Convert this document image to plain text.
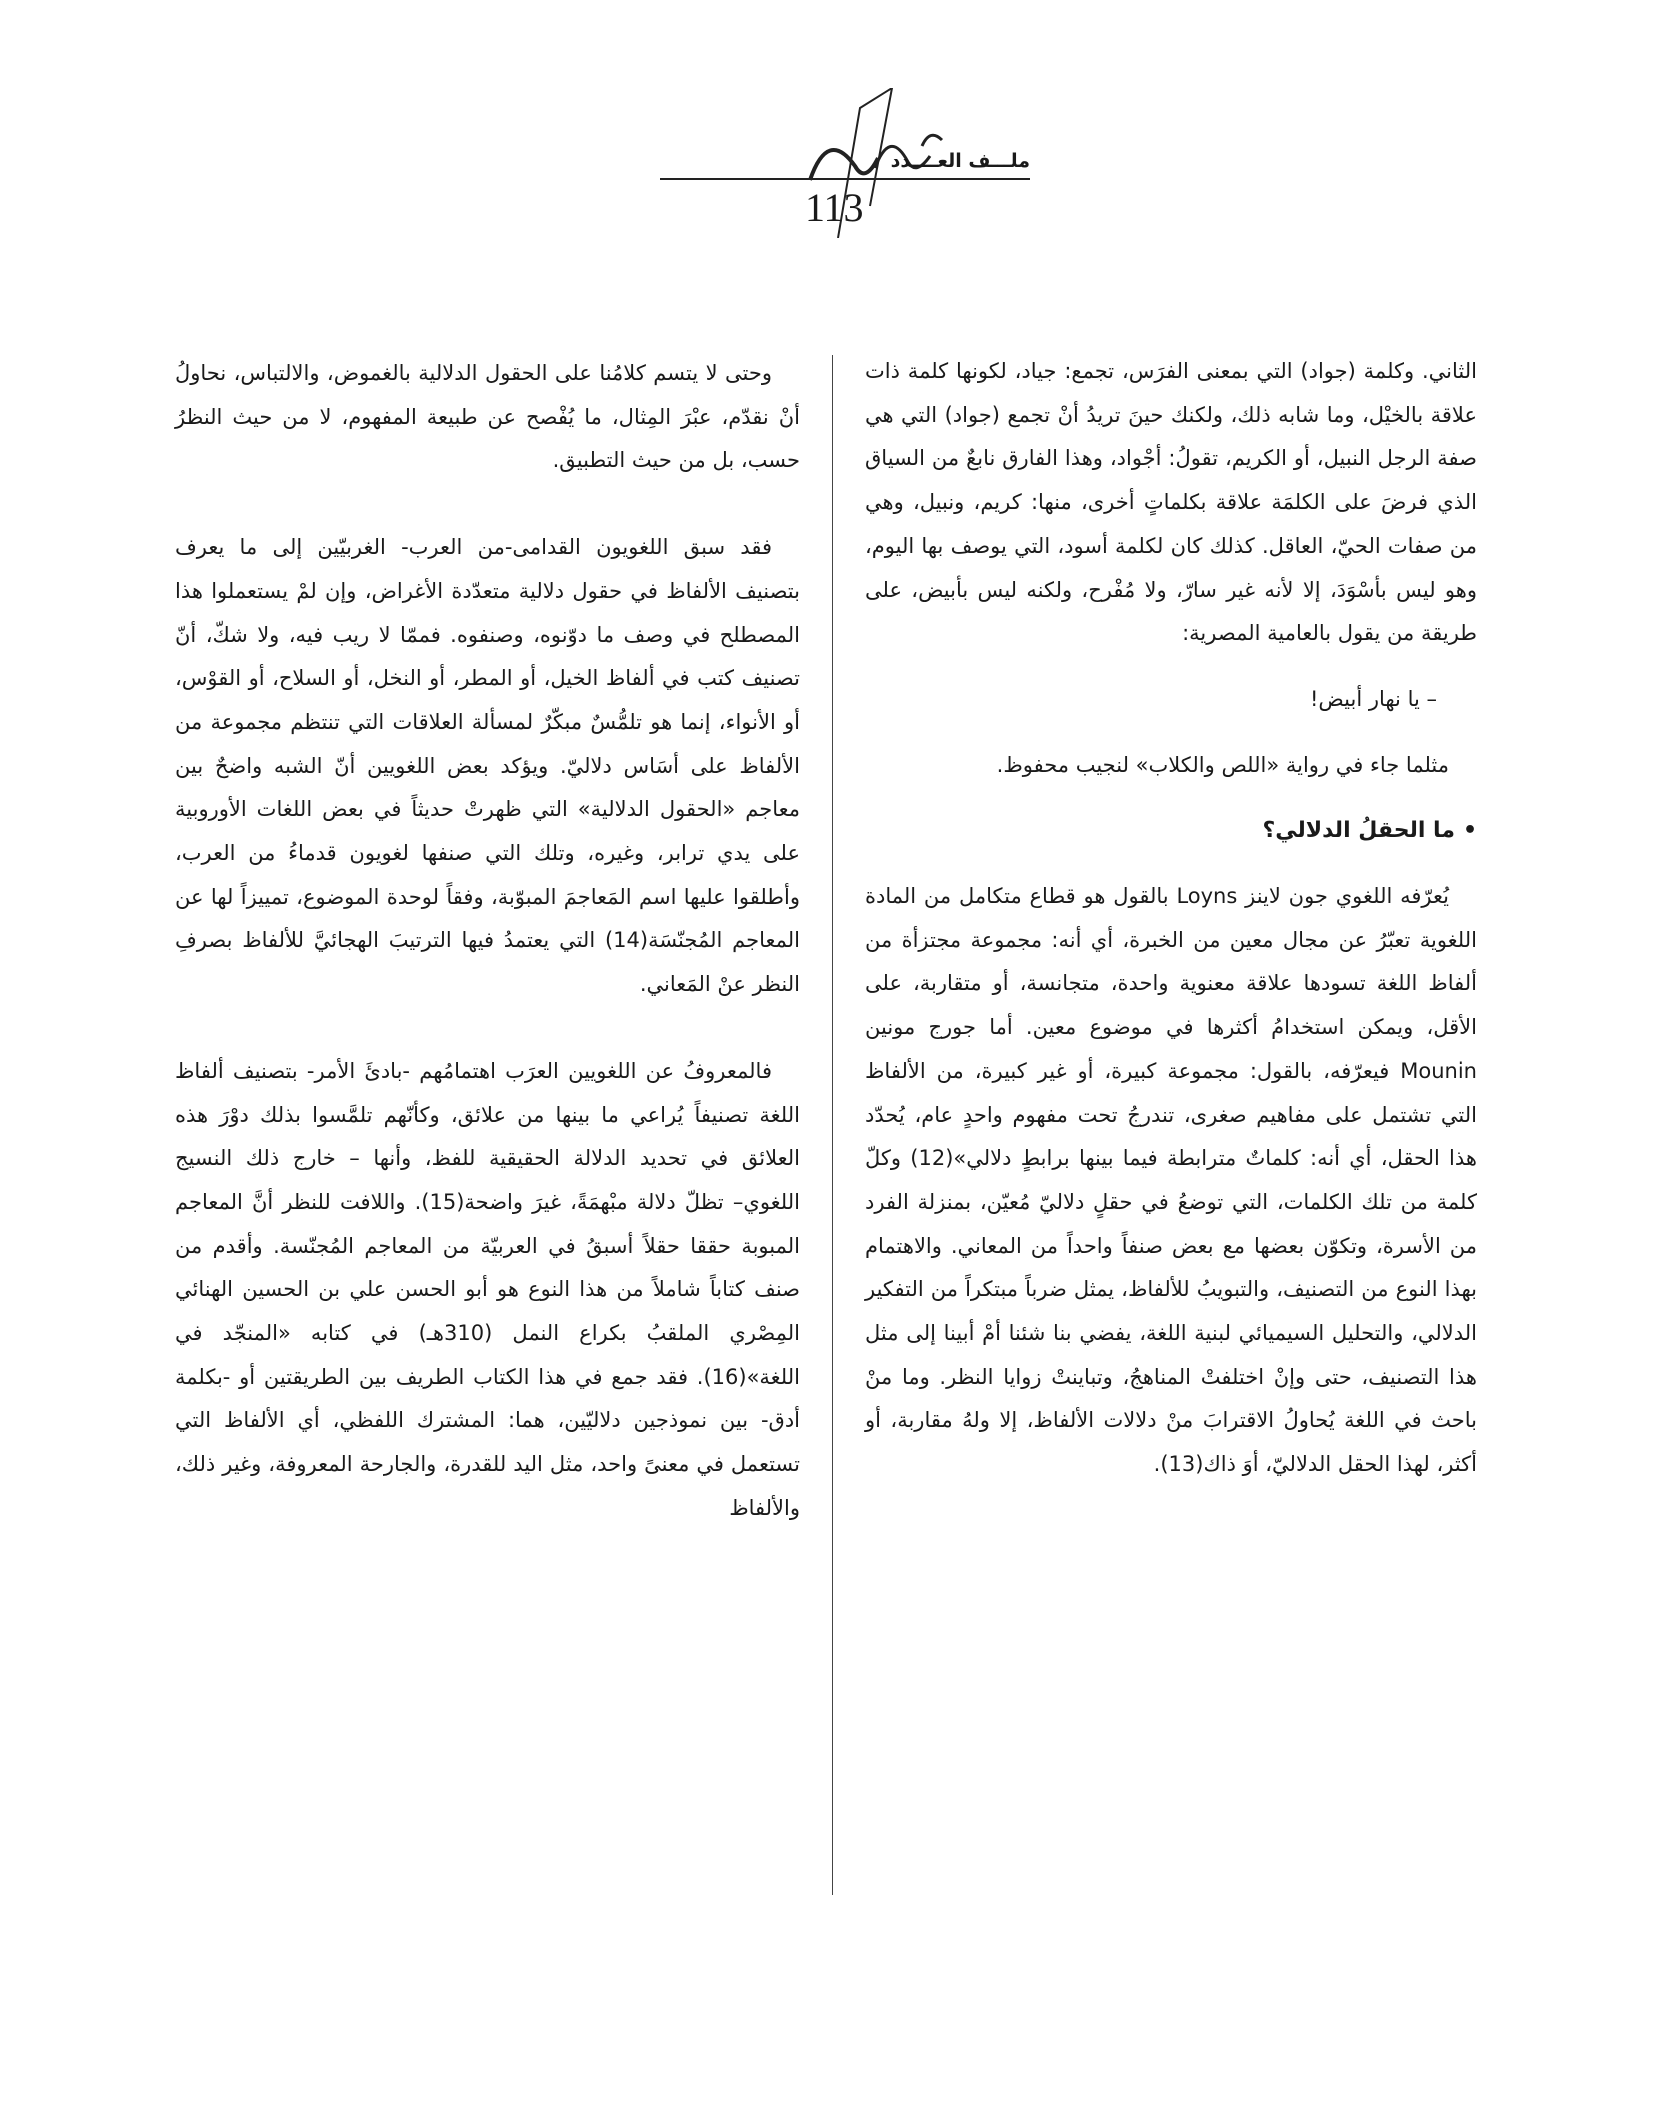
ملـــف العــــدد
113

الثاني. وكلمة (جواد) التي بمعنى الفرَس، تجمع: جياد، لكونها كلمة ذات علاقة بالخيْل، وما شابه ذلك، ولكنك حينَ تريدُ أنْ تجمع (جواد) التي هي صفة الرجل النبيل، أو الكريم، تقولُ: أجْواد، وهذا الفارق نابعٌ من السياق الذي فرضَ على الكلمَة علاقة بكلماتٍ أخرى، منها: كريم، ونبيل، وهي من صفات الحيّ، العاقل. كذلك كان لكلمة أسود، التي يوصف بها اليوم، وهو ليس بأسْوَدَ، إلا لأنه غير سارّ، ولا مُفْرح، ولكنه ليس بأبيض، على طريقة من يقول بالعامية المصرية:

– يا نهار أبيض!

مثلما جاء في رواية «اللص والكلاب» لنجيب محفوظ.

•ما الحقلُ الدلالي؟

يُعرّفه اللغوي جون لاينز Loyns بالقول هو قطاع متكامل من المادة اللغوية تعبّرُ عن مجال معين من الخبرة، أي أنه: مجموعة مجتزأة من ألفاظ اللغة تسودها علاقة معنوية واحدة، متجانسة، أو متقاربة، على الأقل، ويمكن استخدامُ أكثرها في موضوع معين. أما جورج مونين Mounin فيعرّفه، بالقول: مجموعة كبيرة، أو غير كبيرة، من الألفاظ التي تشتمل على مفاهيم صغرى، تندرجُ تحت مفهوم واحدٍ عام، يُحدّد هذا الحقل، أي أنه: كلماتٌ مترابطة فيما بينها برابطٍ دلالي»(12) وكلّ كلمة من تلك الكلمات، التي توضعُ في حقلٍ دلاليّ مُعيّن، بمنزلة الفرد من الأسرة، وتكوّن بعضها مع بعض صنفاً واحداً من المعاني. والاهتمام بهذا النوع من التصنيف، والتبويبُ للألفاظ، يمثل ضرباً مبتكراً من التفكير الدلالي، والتحليل السيميائي لبنية اللغة، يفضي بنا شئنا أمْ أبينا إلى مثل هذا التصنيف، حتى وإنْ اختلفتْ المناهجُ، وتباينتْ زوايا النظر. وما منْ باحث في اللغة يُحاولُ الاقترابَ منْ دلالات الألفاظ، إلا ولهُ مقاربة، أو أكثر، لهذا الحقل الدلاليّ، أوَ ذاك(13).

وحتى لا يتسم كلامُنا على الحقول الدلالية بالغموض، والالتباس، نحاولُ أنْ نقدّم، عبْرَ المِثال، ما يُفْصح عن طبيعة المفهوم، لا من حيث النظرُ حسب، بل من حيث التطبيق.

فقد سبق اللغويون القدامى-من العرب- الغربيّين إلى ما يعرف بتصنيف الألفاظ في حقول دلالية متعدّدة الأغراض، وإن لمْ يستعملوا هذا المصطلح في وصف ما دوّنوه، وصنفوه. فممّا لا ريب فيه، ولا شكّ، أنّ تصنيف كتب في ألفاظ الخيل، أو المطر، أو النخل، أو السلاح، أو القوْس، أو الأنواء، إنما هو تلمُّسٌ مبكّرٌ لمسألة العلاقات التي تنتظم مجموعة من الألفاظ على أسَاس دلاليّ. ويؤكد بعض اللغويين أنّ الشبه واضحٌ بين معاجم «الحقول الدلالية» التي ظهرتْ حديثاً في بعض اللغات الأوروبية على يدي ترابر، وغيره، وتلك التي صنفها لغويون قدماءُ من العرب، وأطلقوا عليها اسم المَعاجمَ المبوّبة، وفقاً لوحدة الموضوع، تمييزاً لها عن المعاجم المُجنّسَة(14) التي يعتمدُ فيها الترتيبَ الهجائيَّ للألفاظ بصرفِ النظر عنْ المَعاني.

فالمعروفُ عن اللغويين العرَب اهتمامُهم -بادئَ الأمر- بتصنيف ألفاظ اللغة تصنيفاً يُراعي ما بينها من علائق، وكأنّهم تلمَّسوا بذلك دوْرَ هذه العلائق في تحديد الدلالة الحقيقية للفظ، وأنها – خارج ذلك النسيج اللغوي– تظلّ دلالة مبْهمَةً، غيرَ واضحة(15). واللافت للنظر أنَّ المعاجم المبوبة حققا حقلاً أسبقُ في العربيّة من المعاجم المُجنّسة. وأقدم من صنف كتاباً شاملاً من هذا النوع هو أبو الحسن علي بن الحسين الهنائي المِصْري الملقبُ بكراع النمل (310هـ) في كتابه «المنجّد في اللغة»(16). فقد جمع في هذا الكتاب الطريف بين الطريقتين أو -بكلمة أدق- بين نموذجين دلاليّين، هما: المشترك اللفظي، أي الألفاظ التي تستعمل في معنىً واحد، مثل اليد للقدرة، والجارحة المعروفة، وغير ذلك، والألفاظ
